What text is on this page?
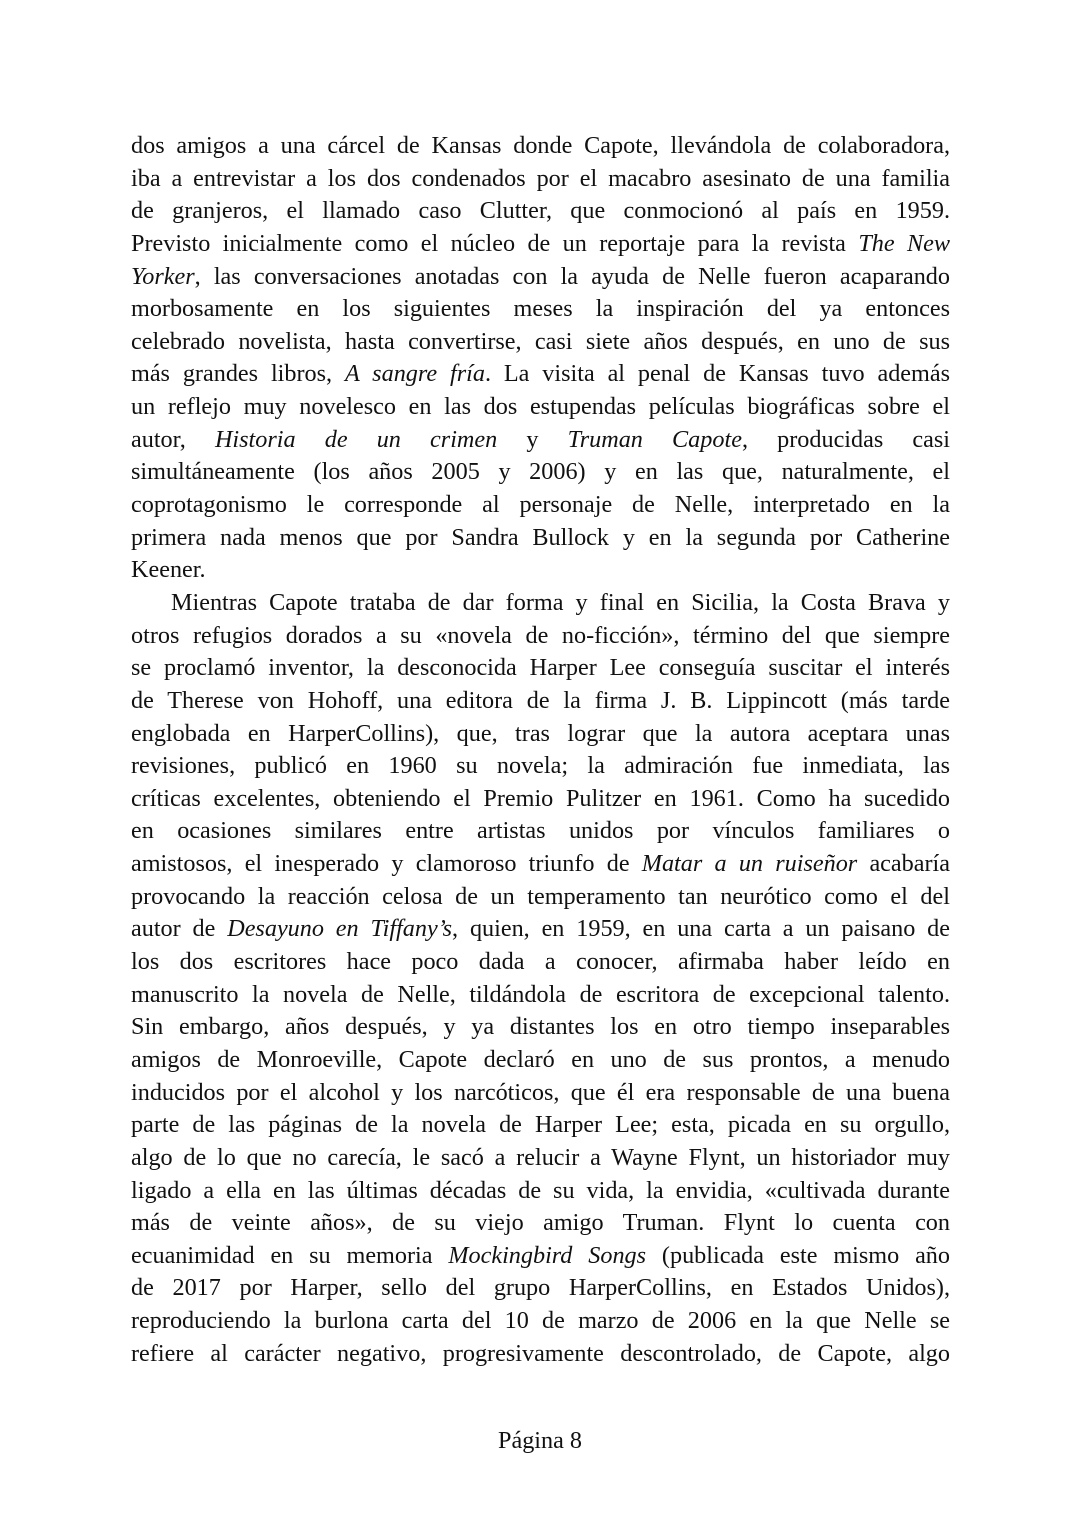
dos amigos a una cárcel de Kansas donde Capote, llevándola de colaboradora,
iba a entrevistar a los dos condenados por el macabro asesinato de una familia
de granjeros, el llamado caso Clutter, que conmocionó al país en 1959.
Previsto inicialmente como el núcleo de un reportaje para la revista The New
Yorker, las conversaciones anotadas con la ayuda de Nelle fueron acaparando
morbosamente en los siguientes meses la inspiración del ya entonces
celebrado novelista, hasta convertirse, casi siete años después, en uno de sus
más grandes libros, A sangre fría. La visita al penal de Kansas tuvo además
un reflejo muy novelesco en las dos estupendas películas biográficas sobre el
autor, Historia de un crimen y Truman Capote, producidas casi
simultáneamente (los años 2005 y 2006) y en las que, naturalmente, el
coprotagonismo le corresponde al personaje de Nelle, interpretado en la
primera nada menos que por Sandra Bullock y en la segunda por Catherine
Keener.
Mientras Capote trataba de dar forma y final en Sicilia, la Costa Brava y
otros refugios dorados a su «novela de no-ficción», término del que siempre
se proclamó inventor, la desconocida Harper Lee conseguía suscitar el interés
de Therese von Hohoff, una editora de la firma J. B. Lippincott (más tarde
englobada en HarperCollins), que, tras lograr que la autora aceptara unas
revisiones, publicó en 1960 su novela; la admiración fue inmediata, las
críticas excelentes, obteniendo el Premio Pulitzer en 1961. Como ha sucedido
en ocasiones similares entre artistas unidos por vínculos familiares o
amistosos, el inesperado y clamoroso triunfo de Matar a un ruiseñor acabaría
provocando la reacción celosa de un temperamento tan neurótico como el del
autor de Desayuno en Tiffany’s, quien, en 1959, en una carta a un paisano de
los dos escritores hace poco dada a conocer, afirmaba haber leído en
manuscrito la novela de Nelle, tildándola de escritora de excepcional talento.
Sin embargo, años después, y ya distantes los en otro tiempo inseparables
amigos de Monroeville, Capote declaró en uno de sus prontos, a menudo
inducidos por el alcohol y los narcóticos, que él era responsable de una buena
parte de las páginas de la novela de Harper Lee; esta, picada en su orgullo,
algo de lo que no carecía, le sacó a relucir a Wayne Flynt, un historiador muy
ligado a ella en las últimas décadas de su vida, la envidia, «cultivada durante
más de veinte años», de su viejo amigo Truman. Flynt lo cuenta con
ecuanimidad en su memoria Mockingbird Songs (publicada este mismo año
de 2017 por Harper, sello del grupo HarperCollins, en Estados Unidos),
reproduciendo la burlona carta del 10 de marzo de 2006 en la que Nelle se
refiere al carácter negativo, progresivamente descontrolado, de Capote, algo
Página 8
